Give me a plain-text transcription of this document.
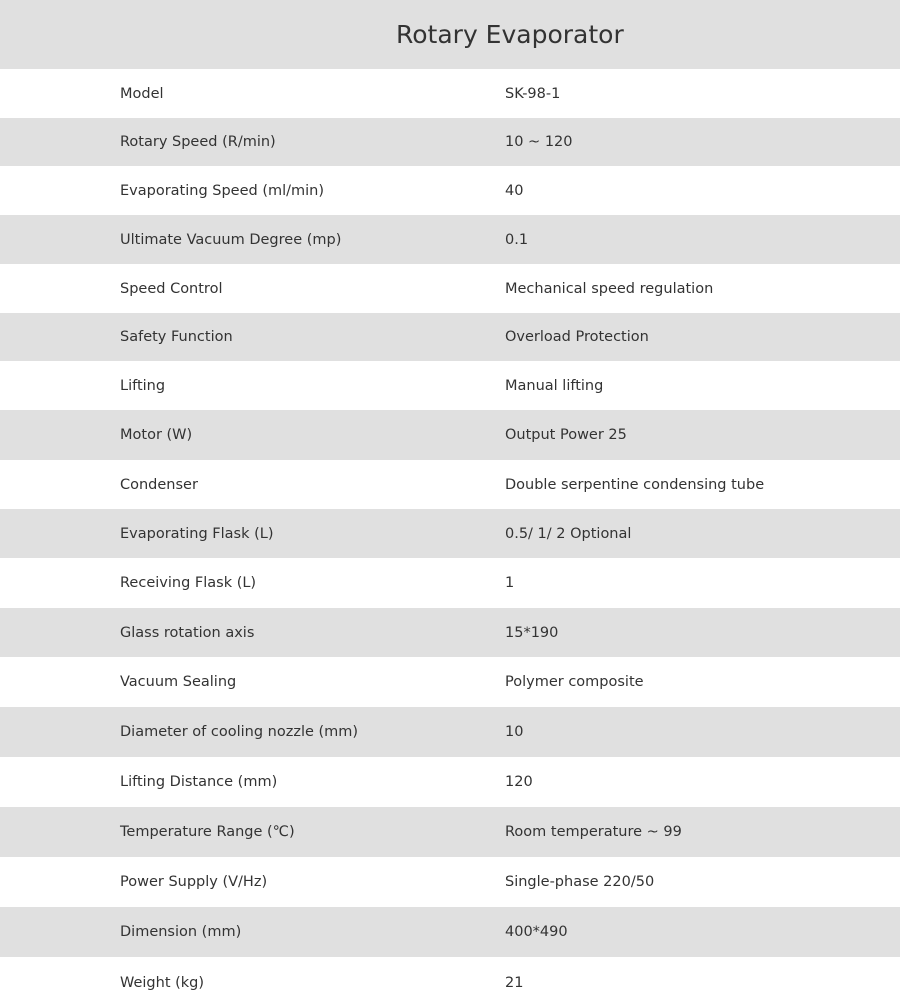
Rotary Evaporator
Model	SK-98-1
Rotary Speed (R/min)	10 ~ 120
Evaporating Speed (ml/min)	40
Ultimate Vacuum Degree (mp)	0.1
Speed Control	Mechanical speed regulation
Safety Function	Overload Protection
Lifting	Manual lifting
Motor (W)	Output Power 25
Condenser	Double serpentine condensing tube
Evaporating Flask (L)	0.5/ 1/ 2 Optional
Receiving Flask (L)	1
Glass rotation axis	15*190
Vacuum Sealing	Polymer composite
Diameter of cooling nozzle (mm)	10
Lifting Distance (mm)	120
Temperature Range (℃)	Room temperature ~ 99
Power Supply (V/Hz)	Single-phase 220/50
Dimension (mm)	400*490
Weight (kg)	21
